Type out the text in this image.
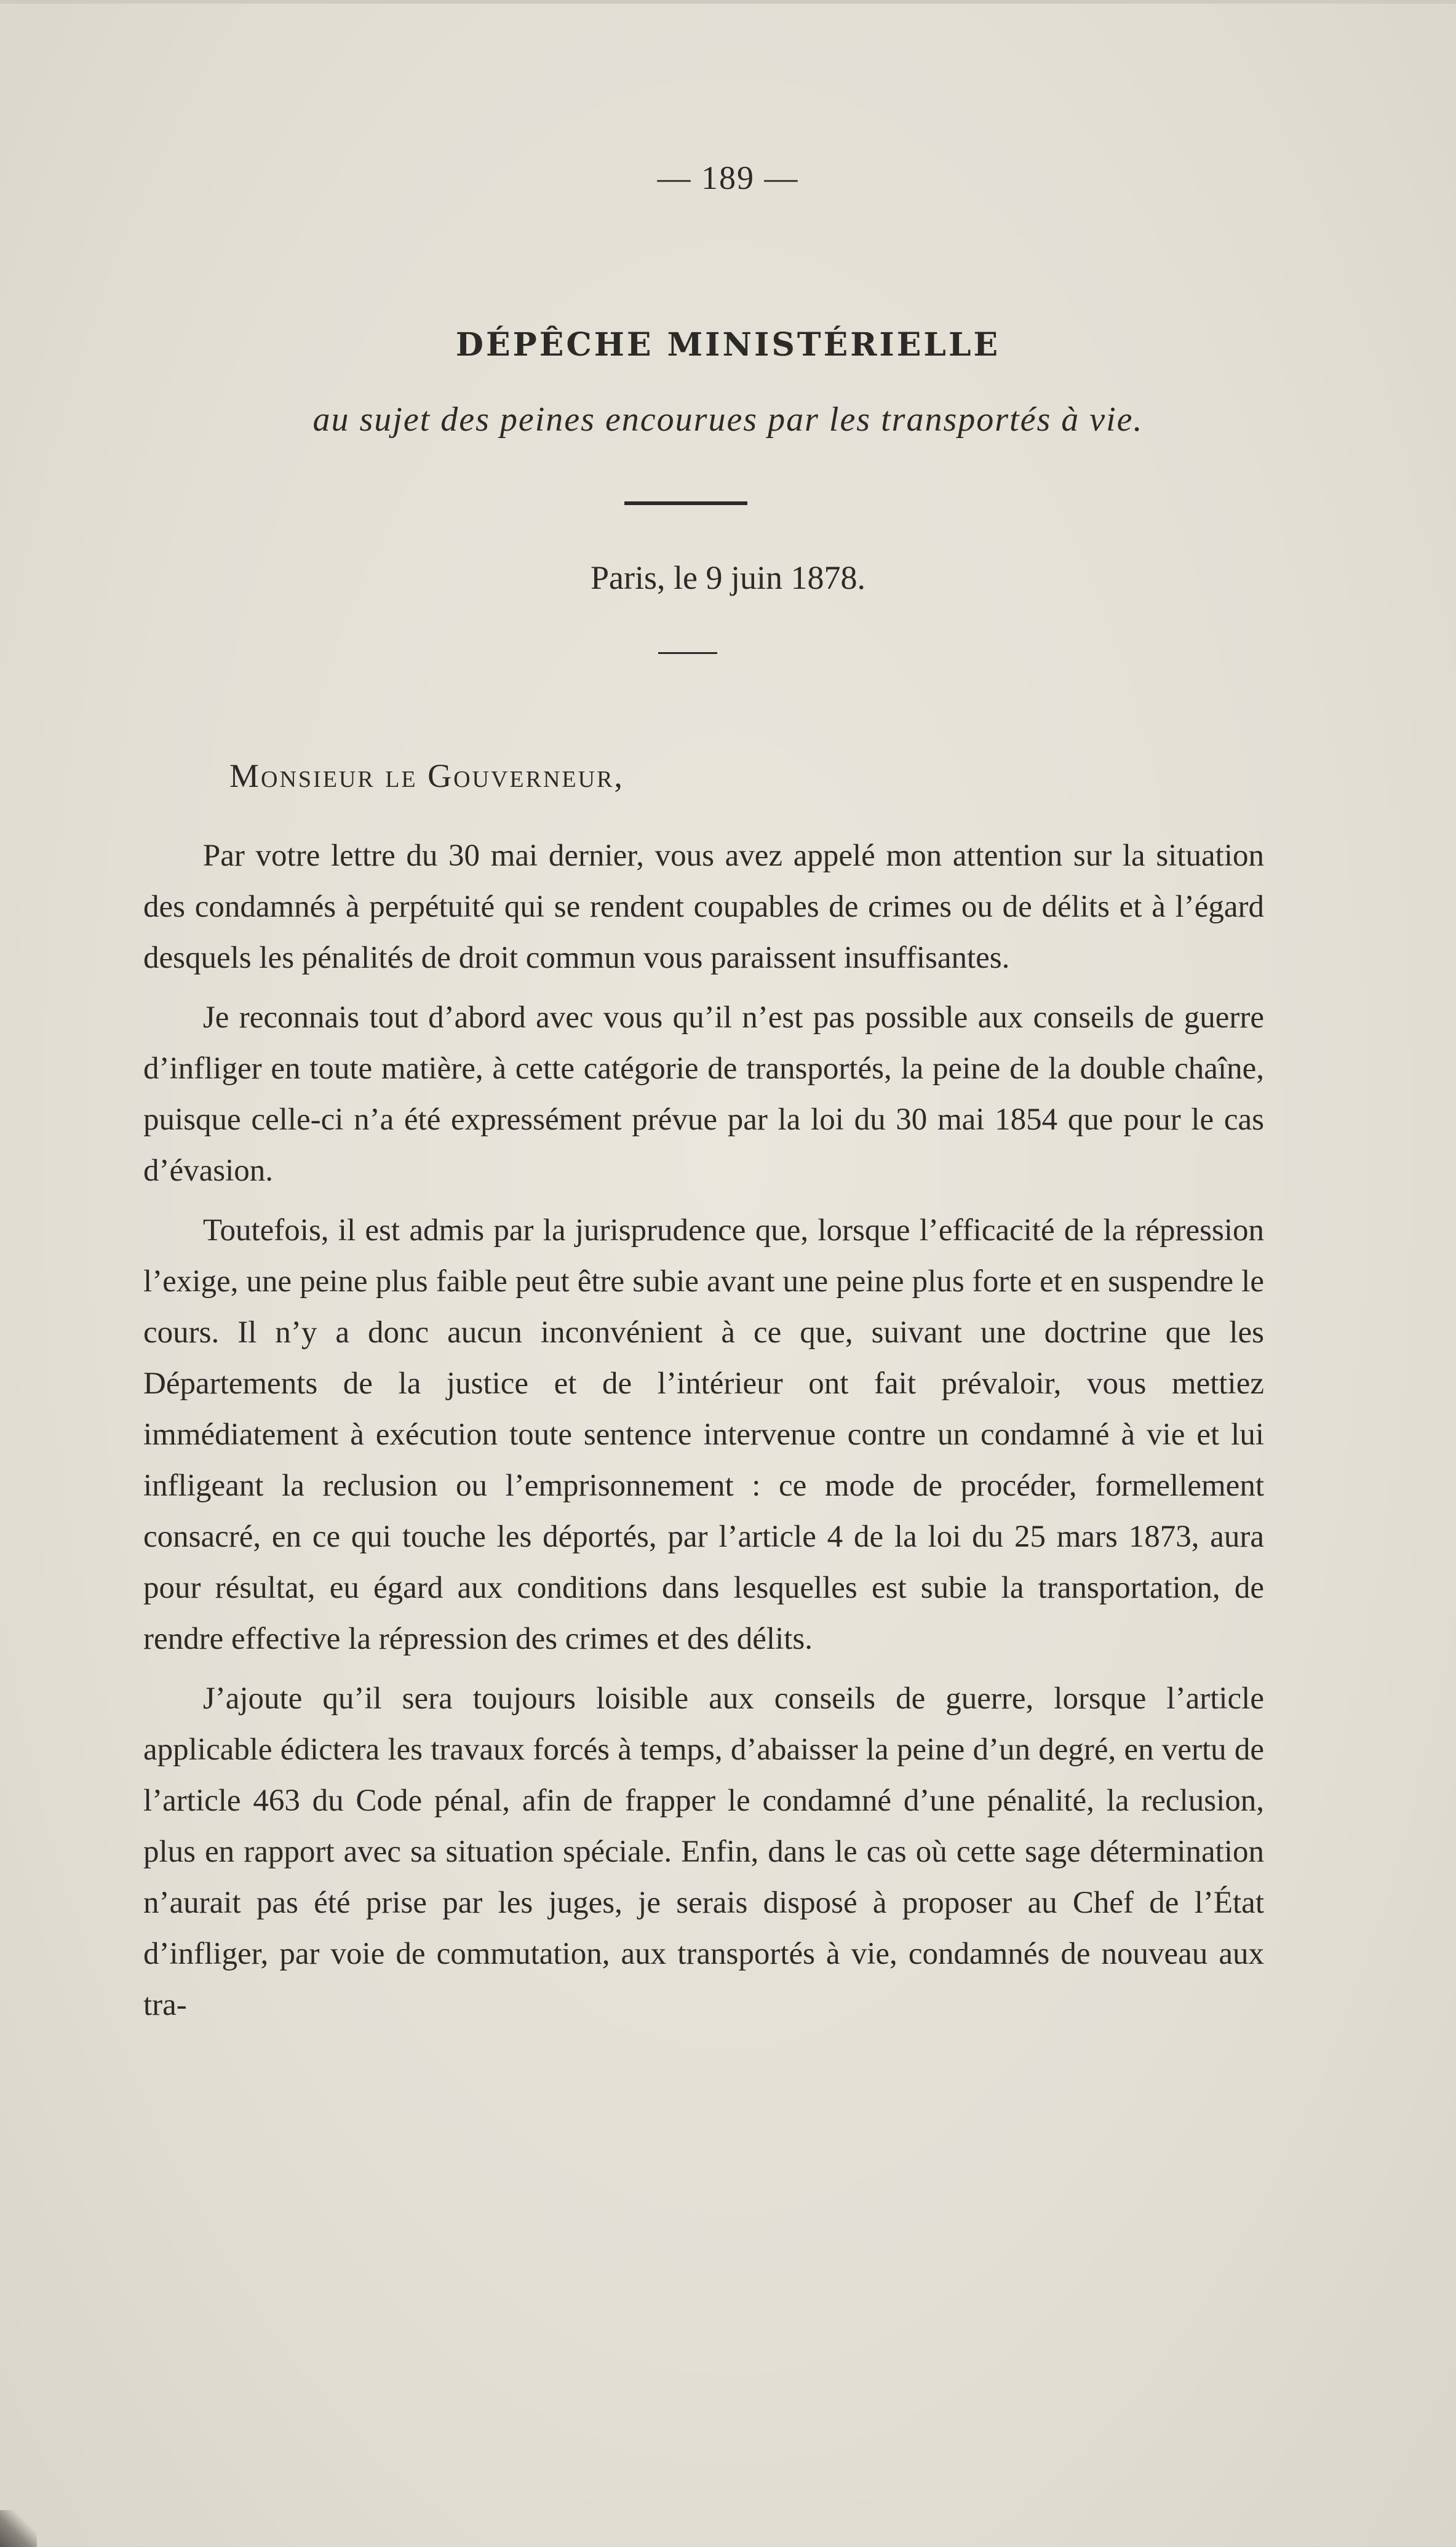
— 189 —
DÉPÊCHE MINISTÉRIELLE
au sujet des peines encourues par les transportés à vie.
Paris, le 9 juin 1878.
Monsieur le Gouverneur,

Par votre lettre du 30 mai dernier, vous avez appelé mon attention sur la situation des condamnés à perpétuité qui se rendent coupables de crimes ou de délits et à l’égard desquels les pénalités de droit commun vous paraissent insuffisantes.

Je reconnais tout d’abord avec vous qu’il n’est pas possible aux conseils de guerre d’infliger en toute matière, à cette catégorie de transportés, la peine de la double chaîne, puisque celle-ci n’a été expressément prévue par la loi du 30 mai 1854 que pour le cas d’évasion.

Toutefois, il est admis par la jurisprudence que, lorsque l’efficacité de la répression l’exige, une peine plus faible peut être subie avant une peine plus forte et en suspendre le cours. Il n’y a donc aucun inconvénient à ce que, suivant une doctrine que les Départements de la justice et de l’intérieur ont fait prévaloir, vous mettiez immédiatement à exécution toute sentence intervenue contre un condamné à vie et lui infligeant la reclusion ou l’emprisonnement : ce mode de procéder, formellement consacré, en ce qui touche les déportés, par l’article 4 de la loi du 25 mars 1873, aura pour résultat, eu égard aux conditions dans lesquelles est subie la transportation, de rendre effective la répression des crimes et des délits.

J’ajoute qu’il sera toujours loisible aux conseils de guerre, lorsque l’article applicable édictera les travaux forcés à temps, d’abaisser la peine d’un degré, en vertu de l’article 463 du Code pénal, afin de frapper le condamné d’une pénalité, la reclusion, plus en rapport avec sa situation spéciale. Enfin, dans le cas où cette sage détermination n’aurait pas été prise par les juges, je serais disposé à proposer au Chef de l’État d’infliger, par voie de commutation, aux transportés à vie, condamnés de nouveau aux tra-
